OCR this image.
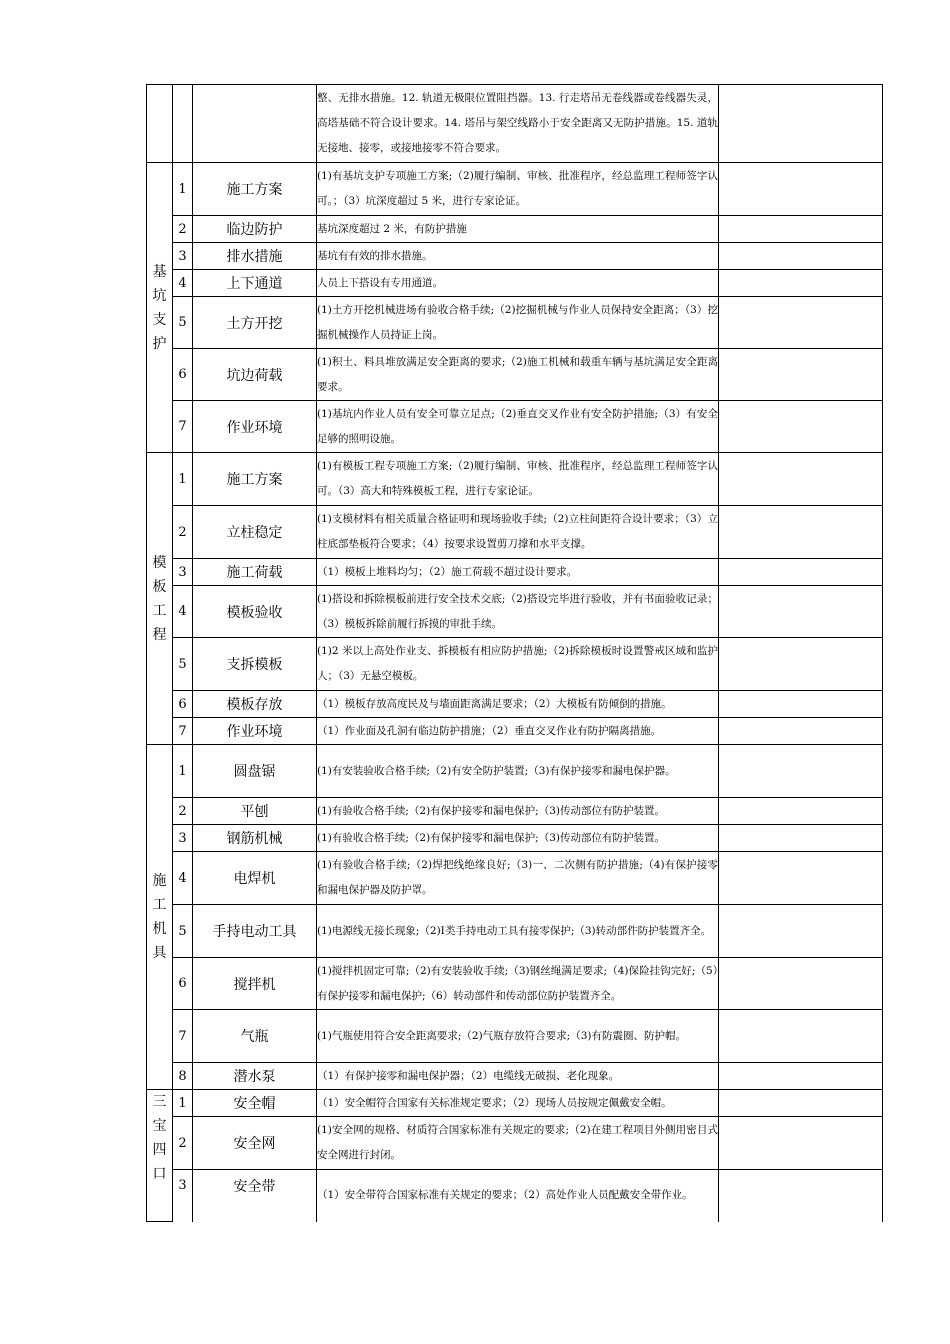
			整、无排水措施。12. 轨道无极限位置阻挡器。13. 行走塔吊无卷线器或卷线器失灵，高塔基础不符合设计要求。14. 塔吊与架空线路小于安全距离又无防护措施。15. 道轨无接地、接零，或接地接零不符合要求。	
基坑支护	1	施工方案	(1)有基坑支护专项施工方案;（2)履行编制、审核、批准程序，经总监理工程师签字认可。；（3）坑深度超过 5 米，进行专家论证。	
	2	临边防护	基坑深度超过 2 米，有防护措施	
	3	排水措施	基坑有有效的排水措施。	
	4	上下通道	人员上下搭设有专用通道。	
	5	土方开挖	(1)土方开挖机械进场有验收合格手续;（2)挖掘机械与作业人员保持安全距离；（3）挖掘机械操作人员持证上岗。	
	6	坑边荷载	(1)积土、料具堆放满足安全距离的要求;（2)施工机械和载重车辆与基坑满足安全距离要求。	
	7	作业环境	(1)基坑内作业人员有安全可靠立足点;（2)垂直交叉作业有安全防护措施;（3）有安全足够的照明设施。	
模板工程	1	施工方案	(1)有模板工程专项施工方案;（2)履行编制、审核、批准程序，经总监理工程师签字认可。（3）高大和特殊模板工程，进行专家论证。	
	2	立柱稳定	(1)支模材料有相关质量合格证明和现场验收手续;（2)立柱间距符合设计要求；（3）立柱底部垫板符合要求；（4）按要求设置剪刀撑和水平支撑。	
	3	施工荷载	（1）模板上堆料均匀；（2）施工荷载不超过设计要求。	
	4	模板验收	(1)搭设和拆除模板前进行安全技术交底;（2)搭设完毕进行验收，并有书面验收记录；（3）模板拆除前履行拆摸的审批手续。	
	5	支拆模板	(1)2 米以上高处作业支、拆模板有相应防护措施;（2)拆除模板时设置警戒区域和监护人；（3）无悬空模板。	
	6	模板存放	（1）模板存放高度民及与墙面距离满足要求；（2）大模板有防倾倒的措施。	
	7	作业环境	（1）作业面及孔洞有临边防护措施；（2）垂直交叉作业有防护隔离措施。	
施工机具	1	圆盘锯	(1)有安装验收合格手续;（2)有安全防护装置;（3)有保护接零和漏电保护器。	
	2	平刨	(1)有验收合格手续;（2)有保护接零和漏电保护;（3)传动部位有防护装置。	
	3	钢筋机械	(1)有验收合格手续;（2)有保护接零和漏电保护;（3)传动部位有防护装置。	
	4	电焊机	(1)有验收合格手续;（2)焊把线绝缘良好;（3)一、二次侧有防护措施;（4)有保护接零和漏电保护器及防护罩。	
	5	手持电动工具	(1)电源线无接长现象;（2)Ⅰ类手持电动工具有接零保护;（3)转动部件防护装置齐全。	
	6	搅拌机	(1)搅拌机固定可靠;（2)有安装验收手续;（3)钢丝绳满足要求;（4)保险挂钩完好;（5）有保护接零和漏电保护;（6）转动部件和传动部位防护装置齐全。	
	7	气瓶	(1)气瓶使用符合安全距离要求;（2)气瓶存放符合要求;（3)有防震圈、防护帽。	
	8	潜水泵	（1）有保护接零和漏电保护器；（2）电缆线无破损、老化现象。	
三宝四口	1	安全帽	（1）安全帽符合国家有关标准规定要求；（2）现场人员按规定佩戴安全帽。	
	2	安全网	(1)安全网的规格、材质符合国家标准有关规定的要求;（2)在建工程项目外侧用密目式安全网进行封闭。	
	3	安全带	（1）安全带符合国家标准有关规定的要求；（2）高处作业人员配戴安全带作业。	
